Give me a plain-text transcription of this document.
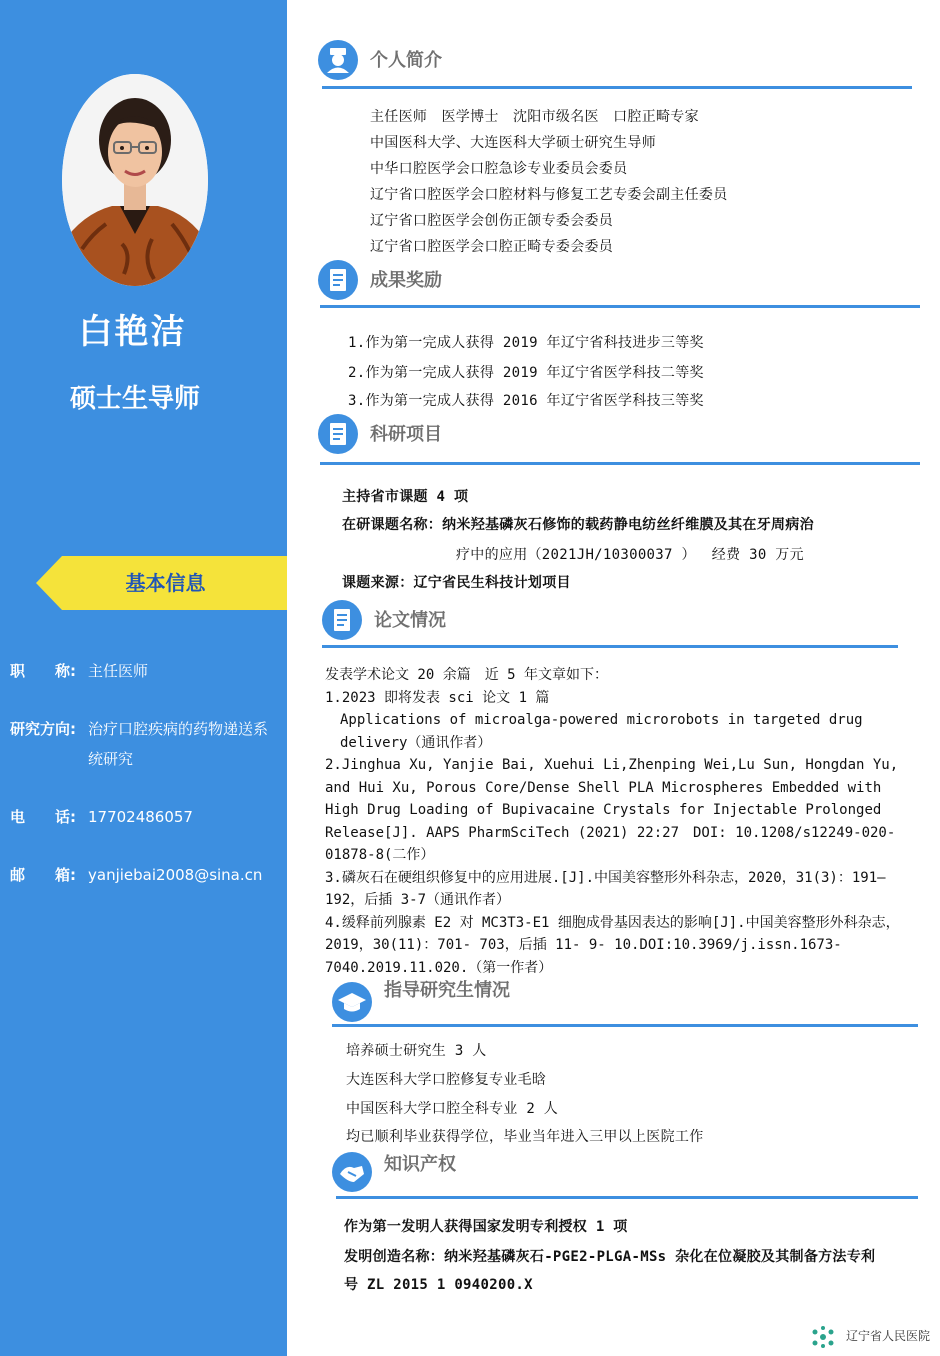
白艳洁
硕士生导师
基本信息
职　　称: 主任医师
研究方向: 治疗口腔疾病的药物递送系统研究
电　　话: 17702486057
邮　　箱: yanjiebai2008@sina.cn
个人简介
主任医师　医学博士　沈阳市级名医　口腔正畸专家
中国医科大学、大连医科大学硕士研究生导师
中华口腔医学会口腔急诊专业委员会委员
辽宁省口腔医学会口腔材料与修复工艺专委会副主任委员
辽宁省口腔医学会创伤正颌专委会委员
辽宁省口腔医学会口腔正畸专委会委员
成果奖励
1.作为第一完成人获得 2019 年辽宁省科技进步三等奖
2.作为第一完成人获得 2019 年辽宁省医学科技二等奖
3.作为第一完成人获得 2016 年辽宁省医学科技三等奖
科研项目
主持省市课题 4 项
在研课题名称：纳米羟基磷灰石修饰的载药静电纺丝纤维膜及其在牙周病治
疗中的应用（2021JH/10300037 ）　 经费 30 万元
课题来源：辽宁省民生科技计划项目
论文情况
发表学术论文 20 余篇　近 5 年文章如下：
1.2023 即将发表 sci 论文 1 篇
Applications of microalga-powered microrobots in targeted drug delivery（通讯作者）
2.Jinghua Xu, Yanjie Bai, Xuehui Li,Zhenping Wei,Lu Sun, Hongdan Yu, and Hui Xu, Porous Core/Dense Shell PLA Microspheres Embedded with High Drug Loading of Bupivacaine Crystals for Injectable Prolonged Release[J]. AAPS PharmSciTech (2021) 22:27　DOI: 10.1208/s12249-020-01878-8(二作）
3.磷灰石在硬组织修复中的应用进展.[J].中国美容整形外科杂志，2020，31(3)：191—192，后插 3-7（通讯作者）
4.缓释前列腺素 E2 对 MC3T3-E1 细胞成骨基因表达的影响[J].中国美容整形外科杂志，2019，30(11)：701- 703，后插 11- 9- 10.DOI:10.3969/j.issn.1673-7040.2019.11.020.（第一作者）
指导研究生情况
培养硕士研究生 3 人
大连医科大学口腔修复专业毛晗
中国医科大学口腔全科专业 2 人
均已顺利毕业获得学位，毕业当年进入三甲以上医院工作
知识产权
作为第一发明人获得国家发明专利授权 1 项
发明创造名称：纳米羟基磷灰石-PGE2-PLGA-MSs 杂化在位凝胶及其制备方法专利
号 ZL 2015 1 0940200.X
辽宁省人民医院
